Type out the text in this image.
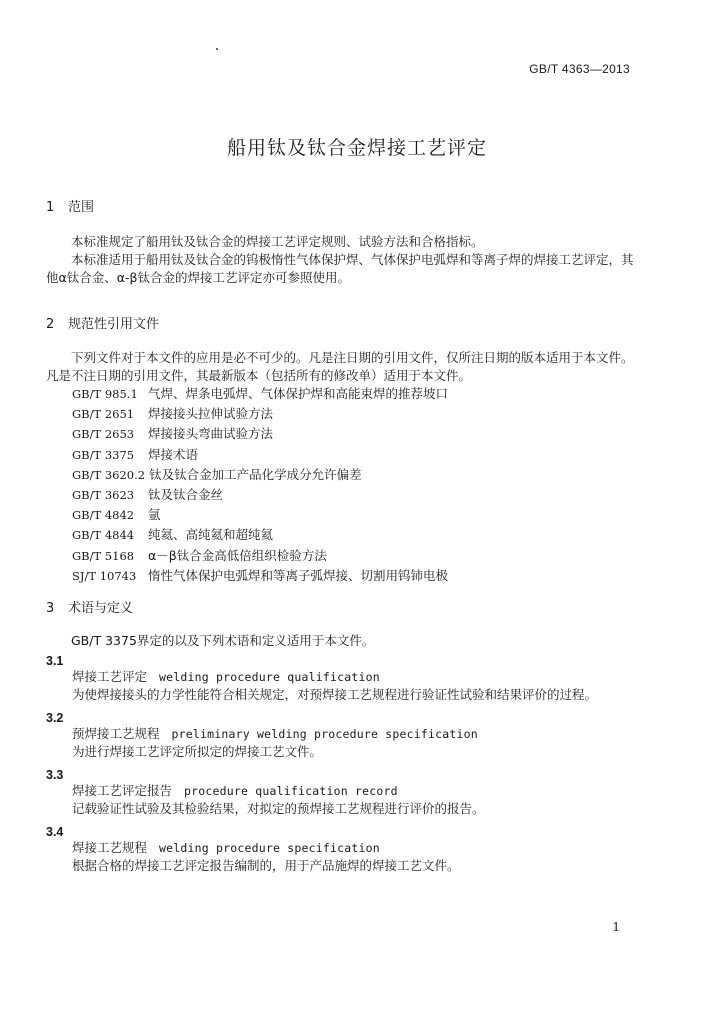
GB/T 4363—2013
船用钛及钛合金焊接工艺评定
1 范围
本标准规定了船用钛及钛合金的焊接工艺评定规则、试验方法和合格指标。
本标准适用于船用钛及钛合金的钨极惰性气体保护焊、气体保护电弧焊和等离子焊的焊接工艺评定，其他α钛合金、α-β钛合金的焊接工艺评定亦可参照使用。
2 规范性引用文件
下列文件对于本文件的应用是必不可少的。凡是注日期的引用文件，仅所注日期的版本适用于本文件。凡是不注日期的引用文件，其最新版本（包括所有的修改单）适用于本文件。
GB/T 985.1 气焊、焊条电弧焊、气体保护焊和高能束焊的推荐坡口
GB/T 2651 焊接接头拉伸试验方法
GB/T 2653 焊接接头弯曲试验方法
GB/T 3375 焊接术语
GB/T 3620.2 钛及钛合金加工产品化学成分允许偏差
GB/T 3623 钛及钛合金丝
GB/T 4842 氩
GB/T 4844 纯氦、高纯氦和超纯氦
GB/T 5168 α－β钛合金高低倍组织检验方法
SJ/T 10743 惰性气体保护电弧焊和等离子弧焊接、切割用钨铈电极
3 术语与定义
GB/T 3375界定的以及下列术语和定义适用于本文件。
3.1
焊接工艺评定 welding procedure qualification
为使焊接接头的力学性能符合相关规定，对预焊接工艺规程进行验证性试验和结果评价的过程。
3.2
预焊接工艺规程 preliminary welding procedure specification
为进行焊接工艺评定所拟定的焊接工艺文件。
3.3
焊接工艺评定报告 procedure qualification record
记载验证性试验及其检验结果，对拟定的预焊接工艺规程进行评价的报告。
3.4
焊接工艺规程 welding procedure specification
根据合格的焊接工艺评定报告编制的，用于产品施焊的焊接工艺文件。
1
